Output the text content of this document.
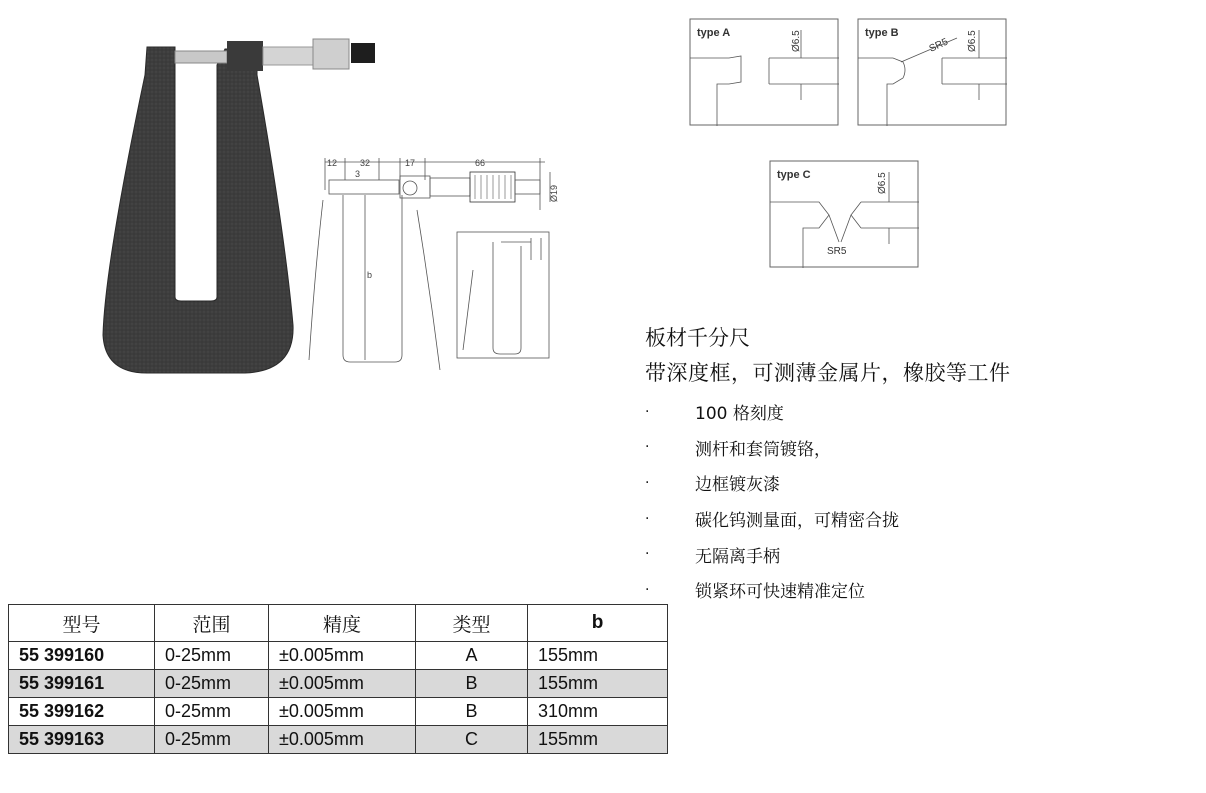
12	32	17	66
3
Ø19
b
type A	Ø6.5	type B
SR5 Ø6.5
type C	Ø6.5
SR5
板材千分尺
带深度框，可测薄金属片，橡胶等工件
·	100 格刻度
·	测杆和套筒镀铬，
·	边框镀灰漆
·	碳化钨测量面，可精密合拢
·	无隔离手柄
·	锁紧环可快速精准定位
型号	范围	精度	类型	b
55 399160	0-25mm	±0.005mm	A	155mm
55 399161	0-25mm	±0.005mm	B	155mm
55 399162	0-25mm	±0.005mm	B	310mm
55 399163	0-25mm	±0.005mm	C	155mm
